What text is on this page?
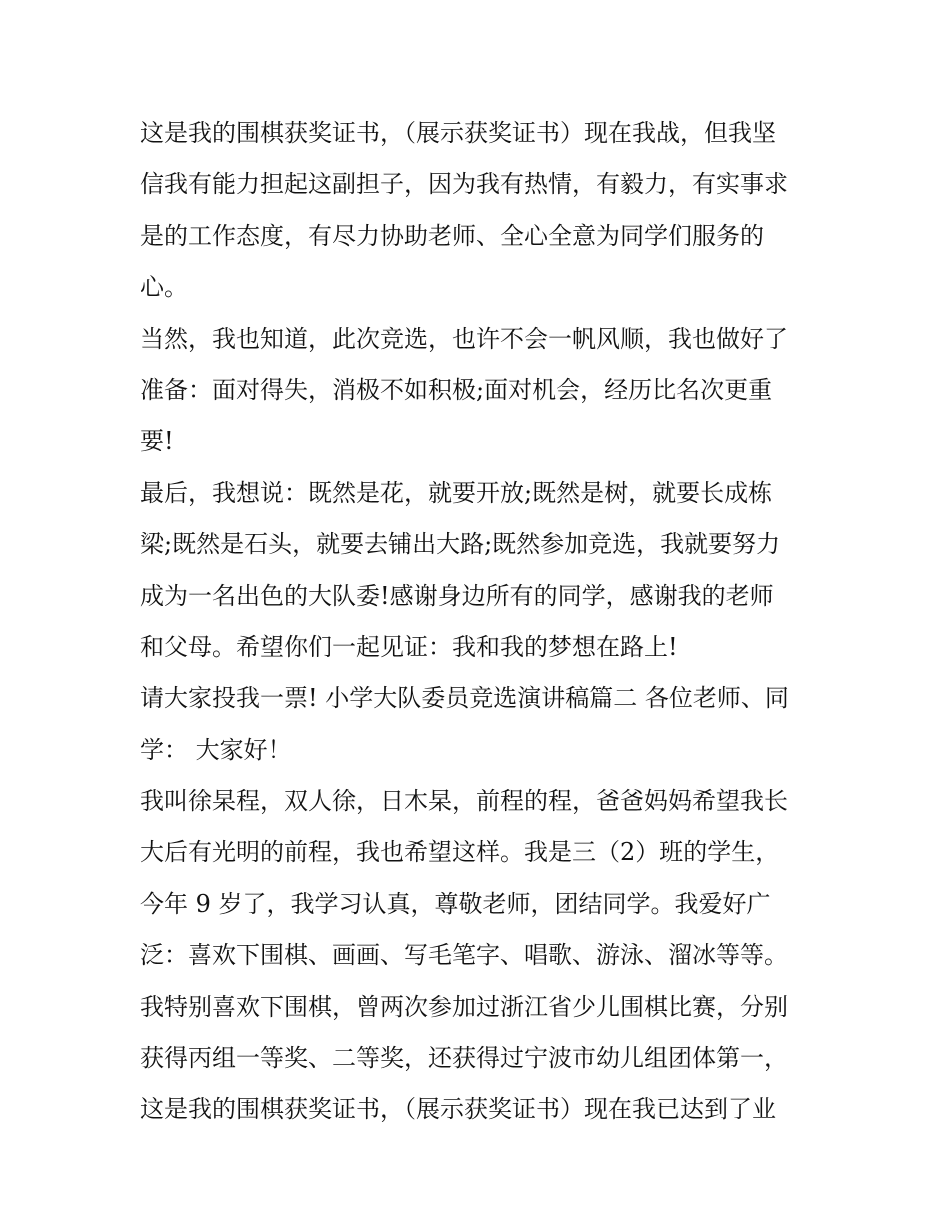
这是我的围棋获奖证书，（展示获奖证书）现在我战，但我坚
信我有能力担起这副担子，因为我有热情，有毅力，有实事求
是的工作态度，有尽力协助老师、全心全意为同学们服务的
心。
当然，我也知道，此次竞选，也许不会一帆风顺，我也做好了
准备：面对得失，消极不如积极;面对机会，经历比名次更重
要!
最后，我想说：既然是花，就要开放;既然是树，就要长成栋
梁;既然是石头，就要去铺出大路;既然参加竞选，我就要努力
成为一名出色的大队委!感谢身边所有的同学，感谢我的老师
和父母。希望你们一起见证：我和我的梦想在路上!
请大家投我一票! 小学大队委员竞选演讲稿篇二 各位老师、同
学： 大家好！
我叫徐杲程，双人徐，日木杲，前程的程，爸爸妈妈希望我长
大后有光明的前程，我也希望这样。我是三（2）班的学生，
今年 9 岁了，我学习认真，尊敬老师，团结同学。我爱好广
泛：喜欢下围棋、画画、写毛笔字、唱歌、游泳、溜冰等等。
我特别喜欢下围棋，曾两次参加过浙江省少儿围棋比赛，分别
获得丙组一等奖、二等奖，还获得过宁波市幼儿组团体第一，
这是我的围棋获奖证书，（展示获奖证书）现在我已达到了业
